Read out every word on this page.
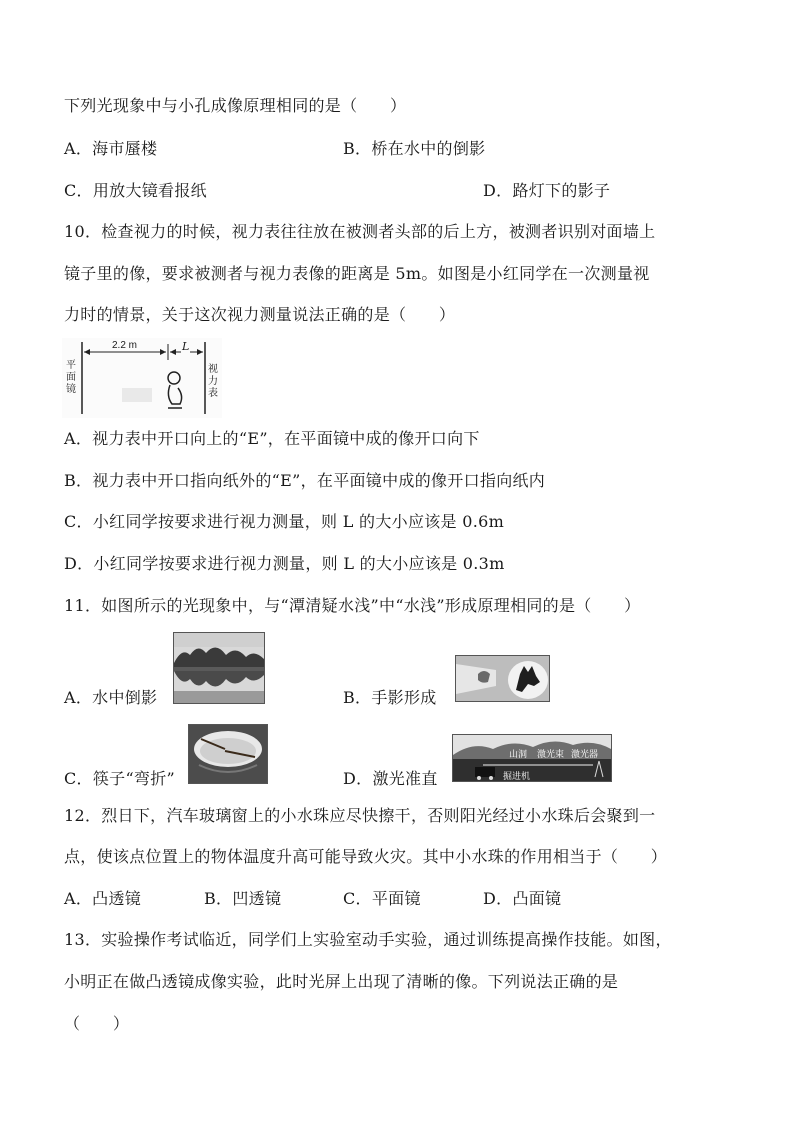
下列光现象中与小孔成像原理相同的是（　　）
A．海市蜃楼	B．桥在水中的倒影
C．用放大镜看报纸	D．路灯下的影子
10．检查视力的时候，视力表往往放在被测者头部的后上方，被测者识别对面墙上
镜子里的像，要求被测者与视力表像的距离是 5m。如图是小红同学在一次测量视
力时的情景，关于这次视力测量说法正确的是（　　）
2.2 m	L
平
面
镜
视
力
表
A．视力表中开口向上的“E”，在平面镜中成的像开口向下
B．视力表中开口指向纸外的“E”，在平面镜中成的像开口指向纸内
C．小红同学按要求进行视力测量，则 L 的大小应该是 0.6m
D．小红同学按要求进行视力测量，则 L 的大小应该是 0.3m
11．如图所示的光现象中，与“潭清疑水浅”中“水浅”形成原理相同的是（　　）
A．水中倒影	B．手影形成
C．筷子“弯折”	D．激光准直
山洞 激光束 激光器
掘进机
12．烈日下，汽车玻璃窗上的小水珠应尽快擦干，否则阳光经过小水珠后会聚到一
点，使该点位置上的物体温度升高可能导致火灾。其中小水珠的作用相当于（　　）
A．凸透镜	B．凹透镜	C．平面镜	D．凸面镜
13．实验操作考试临近，同学们上实验室动手实验，通过训练提高操作技能。如图，
小明正在做凸透镜成像实验，此时光屏上出现了清晰的像。下列说法正确的是
（　　）
